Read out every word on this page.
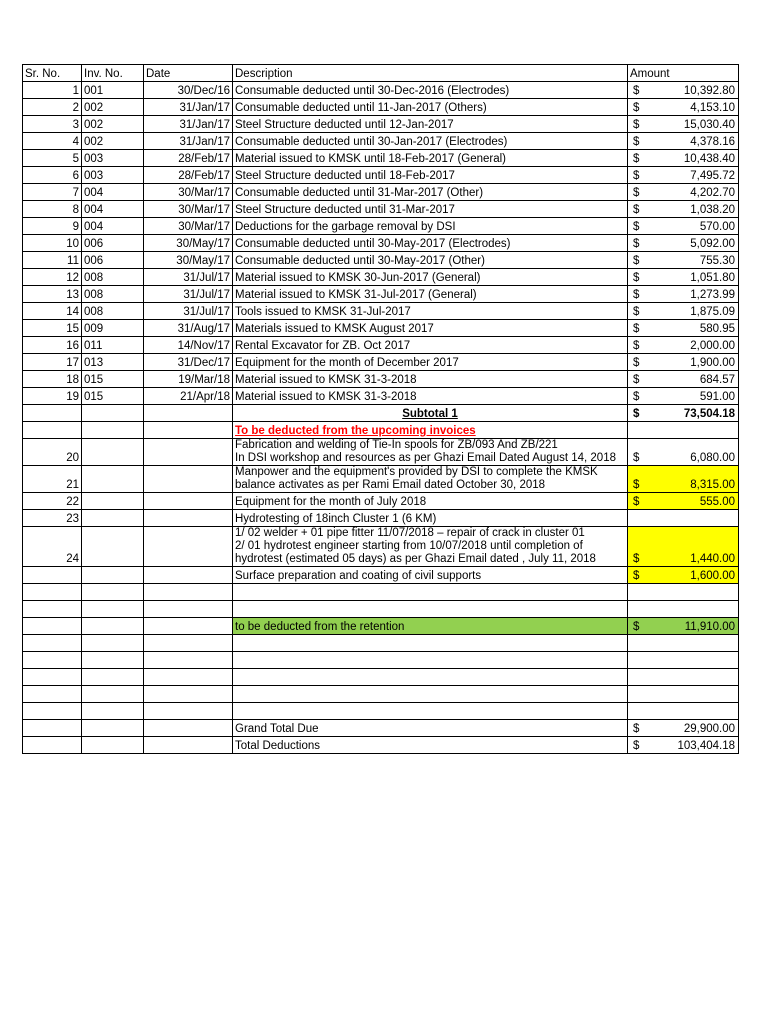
Sr. No.	Inv. No.	Date	Description	Amount
1	001	30/Dec/16	Consumable deducted until 30-Dec-2016 (Electrodes)	$ 10,392.80

2	002	31/Jan/17	Consumable deducted until 11-Jan-2017 (Others)	$ 4,153.10

3	002	31/Jan/17	Steel Structure deducted until 12-Jan-2017	$ 15,030.40

4	002	31/Jan/17	Consumable deducted until 30-Jan-2017 (Electrodes)	$ 4,378.16

5	003	28/Feb/17	Material issued to KMSK until 18-Feb-2017 (General)	$ 10,438.40

6	003	28/Feb/17	Steel Structure deducted until 18-Feb-2017	$ 7,495.72

7	004	30/Mar/17	Consumable deducted until 31-Mar-2017 (Other)	$ 4,202.70

8	004	30/Mar/17	Steel Structure deducted until 31-Mar-2017	$ 1,038.20

9	004	30/Mar/17	Deductions for the garbage removal by DSI	$ 570.00

10	006	30/May/17	Consumable deducted until 30-May-2017 (Electrodes)	$ 5,092.00

11	006	30/May/17	Consumable deducted until 30-May-2017 (Other)	$ 755.30

12	008	31/Jul/17	Material issued to KMSK 30-Jun-2017 (General)	$ 1,051.80

13	008	31/Jul/17	Material issued to KMSK 31-Jul-2017 (General)	$ 1,273.99

14	008	31/Jul/17	Tools issued to KMSK 31-Jul-2017	$ 1,875.09

15	009	31/Aug/17	Materials issued to KMSK August 2017	$ 580.95

16	011	14/Nov/17	Rental Excavator for ZB. Oct 2017	$ 2,000.00

17	013	31/Dec/17	Equipment for the month of December 2017	$ 1,900.00

18	015	19/Mar/18	Material issued to KMSK 31-3-2018	$ 684.57

19	015	21/Apr/18	Material issued to KMSK 31-3-2018	$ 591.00

			Subtotal 1	$ 73,504.18

			To be deducted from the upcoming invoices	
20			Fabrication and welding of Tie-In spools for ZB/093 And ZB/221
In DSI workshop and resources as per Ghazi Email Dated August 14, 2018	$ 6,080.00

21			Manpower and the equipment's provided by DSI to complete the KMSK balance activates as per Rami Email dated October 30, 2018	$ 8,315.00

22			Equipment for the month of July 2018	$ 555.00

23			Hydrotesting of 18inch Cluster 1 (6 KM)	
24			1/ 02 welder + 01 pipe fitter 11/07/2018 – repair of crack in cluster 01
2/ 01 hydrotest engineer starting from 10/07/2018 until completion of hydrotest (estimated 05 days) as per Ghazi Email dated , July 11, 2018	$ 1,440.00

			Surface preparation and coating of civil supports	$ 1,600.00

			to be deducted from the retention	$ 11,910.00

			Grand Total Due	$ 29,900.00

			Total Deductions	$ 103,404.18
